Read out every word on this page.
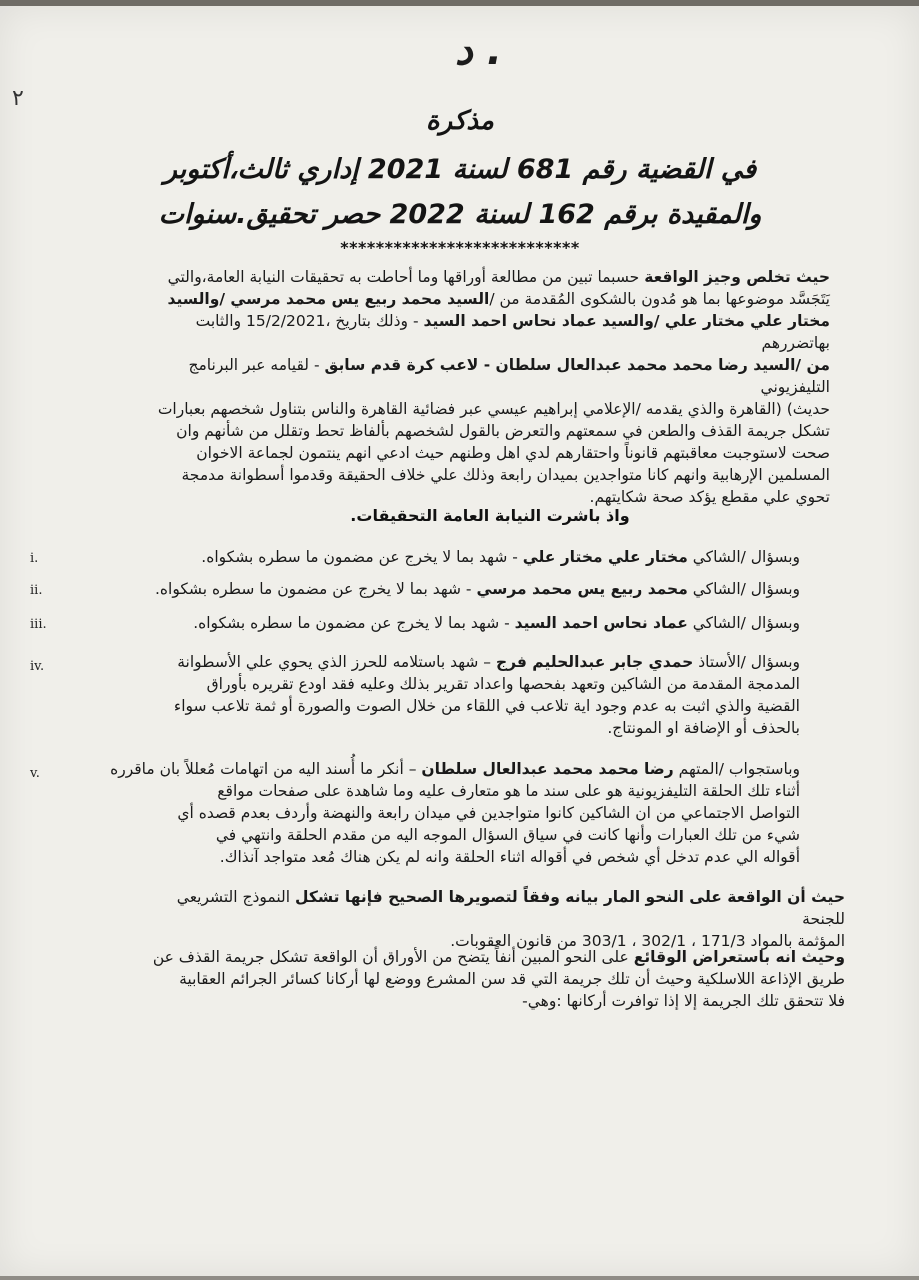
د .
٢
مذكرة
في القضية رقم 681 لسنة 2021 إداري ثالث،أكتوبر
والمقيدة برقم 162 لسنة 2022 حصر تحقيق.سنوات
***************************
حيث تخلص وجيز الواقعة حسبما تبين من مطالعة أوراقها وما أحاطت به تحقيقات النيابة العامة،والتي
يَتَجَسَّد موضوعها بما هو مُدون بالشكوى المُقدمة من /السيد محمد ربيع يس محمد مرسي /والسيد
مختار علي مختار علي /والسيد عماد نحاس احمد السيد - وذلك بتاريخ ،15/2/2021 والثابت بهاتضررهم
من /السيد رضا محمد محمد عبدالعال سلطان - لاعب كرة قدم سابق - لقيامه عبر البرنامج التليفزيوني
حديث) (القاهرة والذي يقدمه /الإعلامي إبراهيم عيسي عبر فضائية القاهرة والناس بتناول شخصهم بعبارات
تشكل جريمة القذف والطعن في سمعتهم والتعرض بالقول لشخصهم بألفاظ تحط وتقلل من شأنهم وان
صحت لاستوجبت معاقبتهم قانوناً واحتقارهم لدي اهل وطنهم حيث ادعي انهم ينتمون لجماعة الاخوان
المسلمين الإرهابية وانهم كانا متواجدين بميدان رابعة وذلك علي خلاف الحقيقة وقدموا أسطوانة مدمجة
تحوي علي مقطع يؤكد صحة شكايتهم.
واذ باشرت النيابة العامة التحقيقات.
i.	وبسؤال /الشاكي مختار علي مختار علي - شهد بما لا يخرج عن مضمون ما سطره بشكواه.
ii.	وبسؤال /الشاكي محمد ربيع يس محمد مرسي - شهد بما لا يخرج عن مضمون ما سطره بشكواه.
iii.	وبسؤال /الشاكي عماد نحاس احمد السيد - شهد بما لا يخرج عن مضمون ما سطره بشكواه.
iv.	وبسؤال /الأستاذ حمدي جابر عبدالحليم فرج – شهد باستلامه للحرز الذي يحوي علي الأسطوانة
المدمجة المقدمة من الشاكين وتعهد بفحصها واعداد تقرير بذلك وعليه فقد اودع تقريره بأوراق
القضية والذي اثبت به عدم وجود اية تلاعب في اللقاء من خلال الصوت والصورة أو ثمة تلاعب سواء
بالحذف أو الإضافة او المونتاج.
v.	وباستجواب /المتهم رضا محمد محمد عبدالعال سلطان – أنكر ما أُسند اليه من اتهامات مُعللاً بان ماقرره
أثناء تلك الحلقة التليفزيونية هو على سند ما هو متعارف عليه وما شاهدة على صفحات مواقع
التواصل الاجتماعي من ان الشاكين كانوا متواجدين في ميدان رابعة والنهضة وأردف بعدم قصده أي
شيء من تلك العبارات وأنها كانت في سياق السؤال الموجه اليه من مقدم الحلقة وانتهي في
أقواله الي عدم تدخل أي شخص في أقواله اثناء الحلقة وانه لم يكن هناك مُعد متواجد آنذاك.
حيث أن الواقعة على النحو المار بيانه وفقاً لتصويرها الصحيح فإنها تشكل النموذج التشريعي للجنحة
المؤثمة بالمواد 171/3 ، 302/1 ، 303/1 من قانون العقوبات.
وحيث انه باستعراض الوقائع على النحو المبين أنفاً يتضح من الأوراق أن الواقعة تشكل جريمة القذف عن
طريق الإذاعة اللاسلكية وحيث أن تلك جريمة التي قد سن المشرع ووضع لها أركانا كسائر الجرائم العقابية
فلا تتحقق تلك الجريمة إلا إذا توافرت أركانها :وهي-
